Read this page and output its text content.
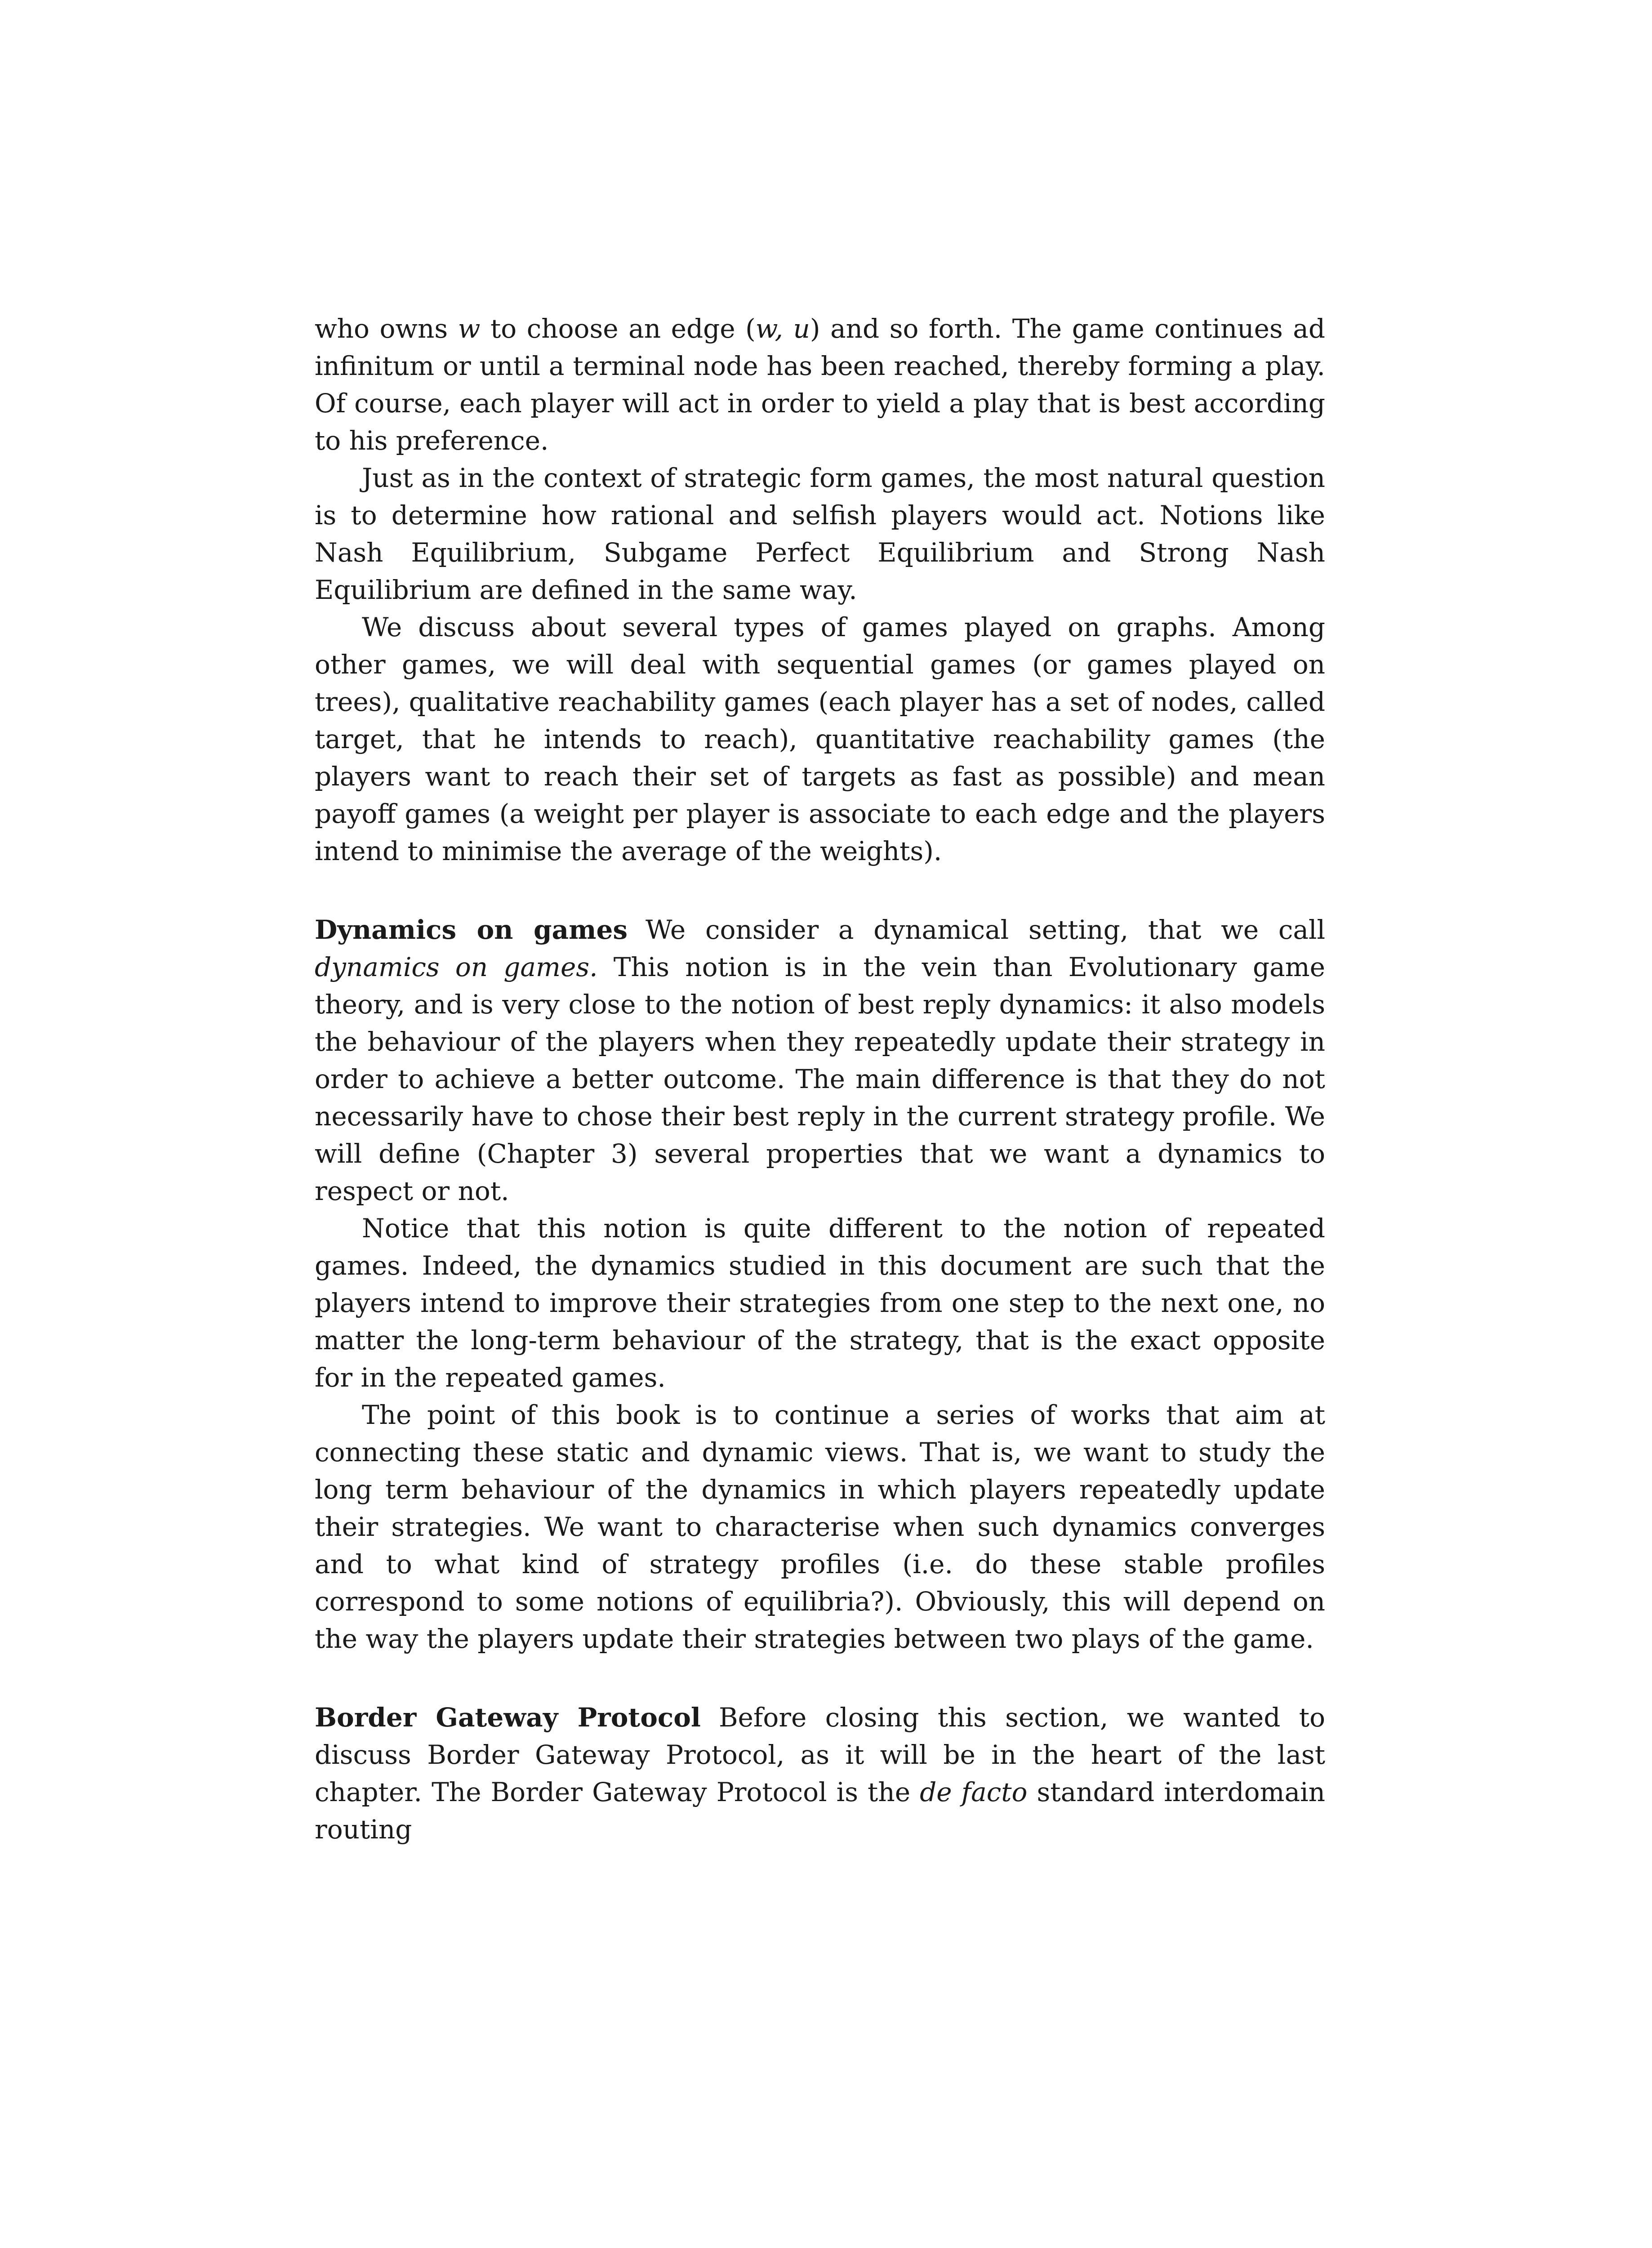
who owns w to choose an edge (w, u) and so forth. The game continues ad infinitum or until a terminal node has been reached, thereby forming a play. Of course, each player will act in order to yield a play that is best according to his preference.

Just as in the context of strategic form games, the most natural question is to determine how rational and selfish players would act. Notions like Nash Equilibrium, Subgame Perfect Equilibrium and Strong Nash Equilibrium are defined in the same way.

We discuss about several types of games played on graphs. Among other games, we will deal with sequential games (or games played on trees), qualitative reachability games (each player has a set of nodes, called target, that he intends to reach), quantitative reachability games (the players want to reach their set of targets as fast as possible) and mean payoff games (a weight per player is associate to each edge and the players intend to minimise the average of the weights).

Dynamics on games We consider a dynamical setting, that we call dynamics on games. This notion is in the vein than Evolutionary game theory, and is very close to the notion of best reply dynamics: it also models the behaviour of the players when they repeatedly update their strategy in order to achieve a better outcome. The main difference is that they do not necessarily have to chose their best reply in the current strategy profile. We will define (Chapter 3) several properties that we want a dynamics to respect or not.

Notice that this notion is quite different to the notion of repeated games. Indeed, the dynamics studied in this document are such that the players intend to improve their strategies from one step to the next one, no matter the long-term behaviour of the strategy, that is the exact opposite for in the repeated games.

The point of this book is to continue a series of works that aim at connecting these static and dynamic views. That is, we want to study the long term behaviour of the dynamics in which players repeatedly update their strategies. We want to characterise when such dynamics converges and to what kind of strategy profiles (i.e. do these stable profiles correspond to some notions of equilibria?). Obviously, this will depend on the way the players update their strategies between two plays of the game.

Border Gateway Protocol Before closing this section, we wanted to discuss Border Gateway Protocol, as it will be in the heart of the last chapter. The Border Gateway Protocol is the de facto standard interdomain routing
